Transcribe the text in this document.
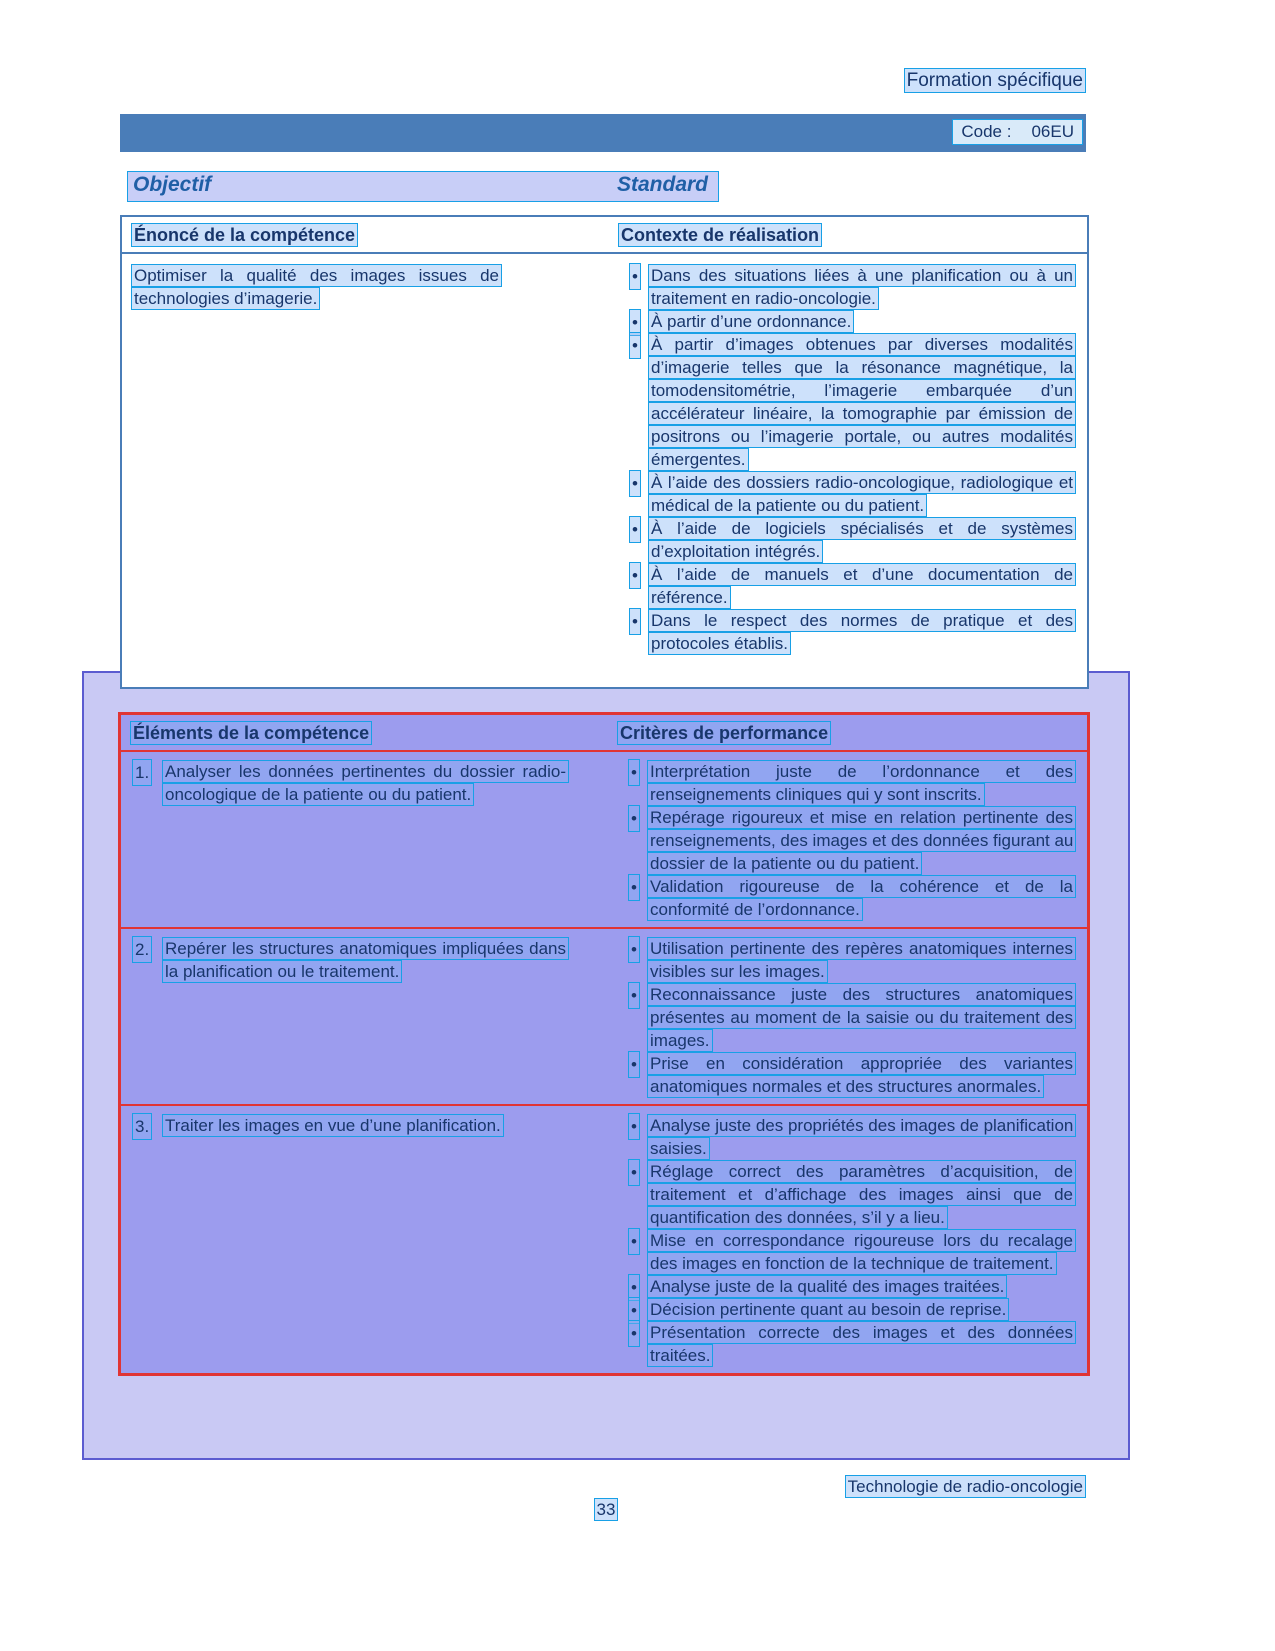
Formation spécifique
Code : 06EU
Objectif	Standard
Énoncé de la compétence	Contexte de réalisation
Optimiser la qualité des images issues de technologies d’imagerie.
• Dans des situations liées à une planification ou à un traitement en radio-oncologie.
• À partir d’une ordonnance.
• À partir d’images obtenues par diverses modalités d’imagerie telles que la résonance magnétique, la tomodensitométrie, l’imagerie embarquée d’un accélérateur linéaire, la tomographie par émission de positrons ou l’imagerie portale, ou autres modalités émergentes.
• À l’aide des dossiers radio-oncologique, radiologique et médical de la patiente ou du patient.
• À l’aide de logiciels spécialisés et de systèmes d’exploitation intégrés.
• À l’aide de manuels et d’une documentation de référence.
• Dans le respect des normes de pratique et des protocoles établis.
Éléments de la compétence	Critères de performance
1. Analyser les données pertinentes du dossier radio-oncologique de la patiente ou du patient.
• Interprétation juste de l’ordonnance et des renseignements cliniques qui y sont inscrits.
• Repérage rigoureux et mise en relation pertinente des renseignements, des images et des données figurant au dossier de la patiente ou du patient.
• Validation rigoureuse de la cohérence et de la conformité de l’ordonnance.
2. Repérer les structures anatomiques impliquées dans la planification ou le traitement.
• Utilisation pertinente des repères anatomiques internes visibles sur les images.
• Reconnaissance juste des structures anatomiques présentes au moment de la saisie ou du traitement des images.
• Prise en considération appropriée des variantes anatomiques normales et des structures anormales.
3. Traiter les images en vue d’une planification.	• Analyse juste des propriétés des images de planification saisies.
• Réglage correct des paramètres d’acquisition, de traitement et d’affichage des images ainsi que de quantification des données, s’il y a lieu.
• Mise en correspondance rigoureuse lors du recalage des images en fonction de la technique de traitement.
• Analyse juste de la qualité des images traitées.
• Décision pertinente quant au besoin de reprise.
• Présentation correcte des images et des données traitées.
Technologie de radio-oncologie
33
